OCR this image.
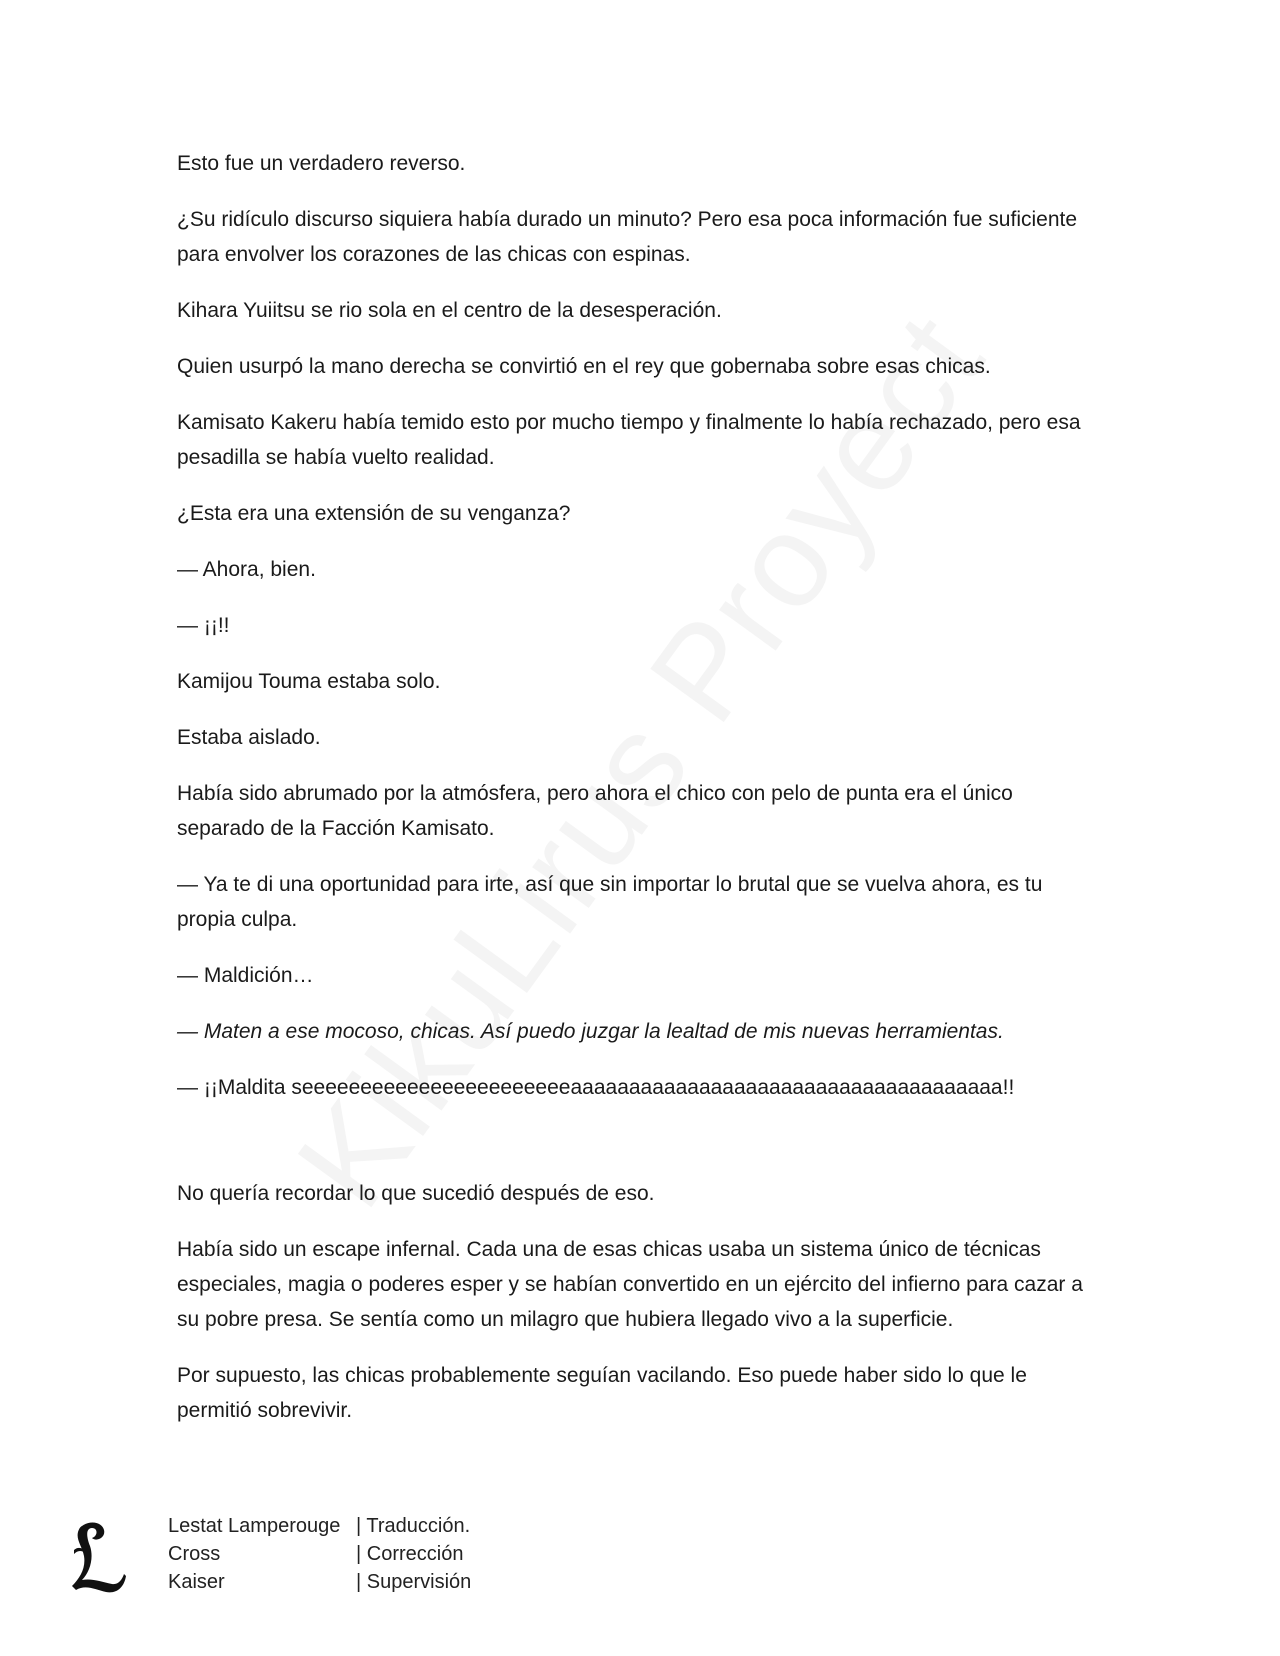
Esto fue un verdadero reverso.

¿Su ridículo discurso siquiera había durado un minuto? Pero esa poca información fue suficiente para envolver los corazones de las chicas con espinas.

Kihara Yuiitsu se rio sola en el centro de la desesperación.

Quien usurpó la mano derecha se convirtió en el rey que gobernaba sobre esas chicas.

Kamisato Kakeru había temido esto por mucho tiempo y finalmente lo había rechazado, pero esa pesadilla se había vuelto realidad.

¿Esta era una extensión de su venganza?

— Ahora, bien.

— ¡¡!!

Kamijou Touma estaba solo.

Estaba aislado.

Había sido abrumado por la atmósfera, pero ahora el chico con pelo de punta era el único separado de la Facción Kamisato.

— Ya te di una oportunidad para irte, así que sin importar lo brutal que se vuelva ahora, es tu propia culpa.

— Maldición…

— Maten a ese mocoso, chicas. Así puedo juzgar la lealtad de mis nuevas herramientas.

— ¡¡Maldita seeeeeeeeeeeeeeeeeeeeeeeaaaaaaaaaaaaaaaaaaaaaaaaaaaaaaaaaaaaa!!

No quería recordar lo que sucedió después de eso.

Había sido un escape infernal. Cada una de esas chicas usaba un sistema único de técnicas especiales, magia o poderes esper y se habían convertido en un ejército del infierno para cazar a su pobre presa. Se sentía como un milagro que hubiera llegado vivo a la superficie.

Por supuesto, las chicas probablemente seguían vacilando. Eso puede haber sido lo que le permitió sobrevivir.

Lestat Lamperouge | Traducción.
Cross	| Corrección
Kaiser	| Supervisión
